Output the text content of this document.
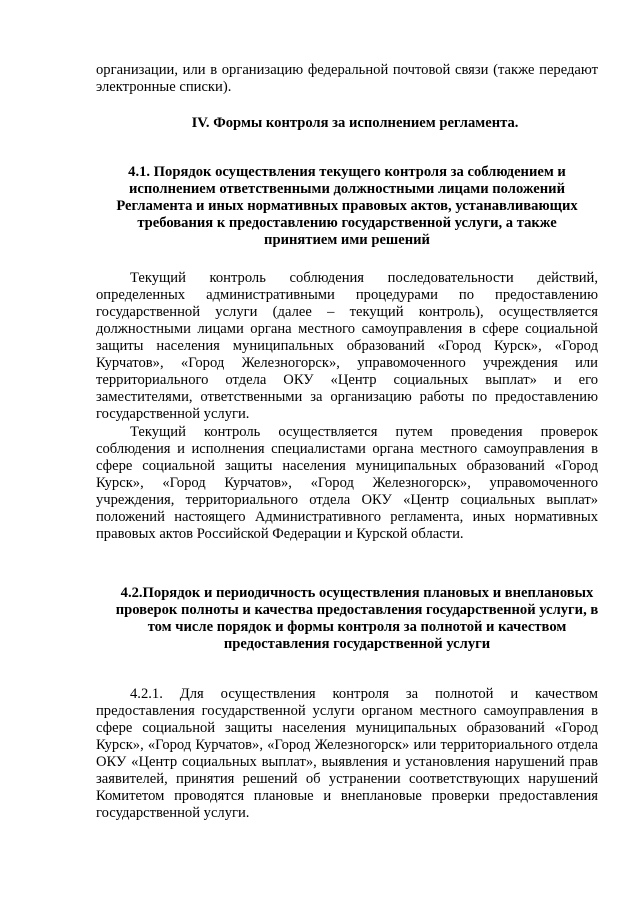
организации, или в организацию федеральной почтовой связи (также передают электронные списки).

IV. Формы контроля за исполнением регламента.

4.1. Порядок осуществления текущего контроля за соблюдением и исполнением ответственными должностными лицами положений Регламента и иных нормативных правовых актов, устанавливающих требования к предоставлению государственной услуги, а также принятием ими решений

Текущий контроль соблюдения последовательности действий, определенных административными процедурами по предоставлению государственной услуги (далее – текущий контроль), осуществляется должностными лицами органа местного самоуправления в сфере социальной защиты населения муниципальных образований «Город Курск», «Город Курчатов», «Город Железногорск», управомоченного учреждения или территориального отдела ОКУ «Центр социальных выплат» и его заместителями, ответственными за организацию работы по предоставлению государственной услуги.

Текущий контроль осуществляется путем проведения проверок соблюдения и исполнения специалистами органа местного самоуправления в сфере социальной защиты населения муниципальных образований «Город Курск», «Город Курчатов», «Город Железногорск», управомоченного учреждения, территориального отдела ОКУ «Центр социальных выплат» положений настоящего Административного регламента, иных нормативных правовых актов Российской Федерации и Курской области.

4.2.Порядок и периодичность осуществления плановых и внеплановых проверок полноты и качества предоставления государственной услуги, в том числе порядок и формы контроля за полнотой и качеством предоставления государственной услуги

4.2.1. Для осуществления контроля за полнотой и качеством предоставления государственной услуги органом местного самоуправления в сфере социальной защиты населения муниципальных образований «Город Курск», «Город Курчатов», «Город Железногорск» или территориального отдела ОКУ «Центр социальных выплат», выявления и установления нарушений прав заявителей, принятия решений об устранении соответствующих нарушений Комитетом проводятся плановые и внеплановые проверки предоставления государственной услуги.
